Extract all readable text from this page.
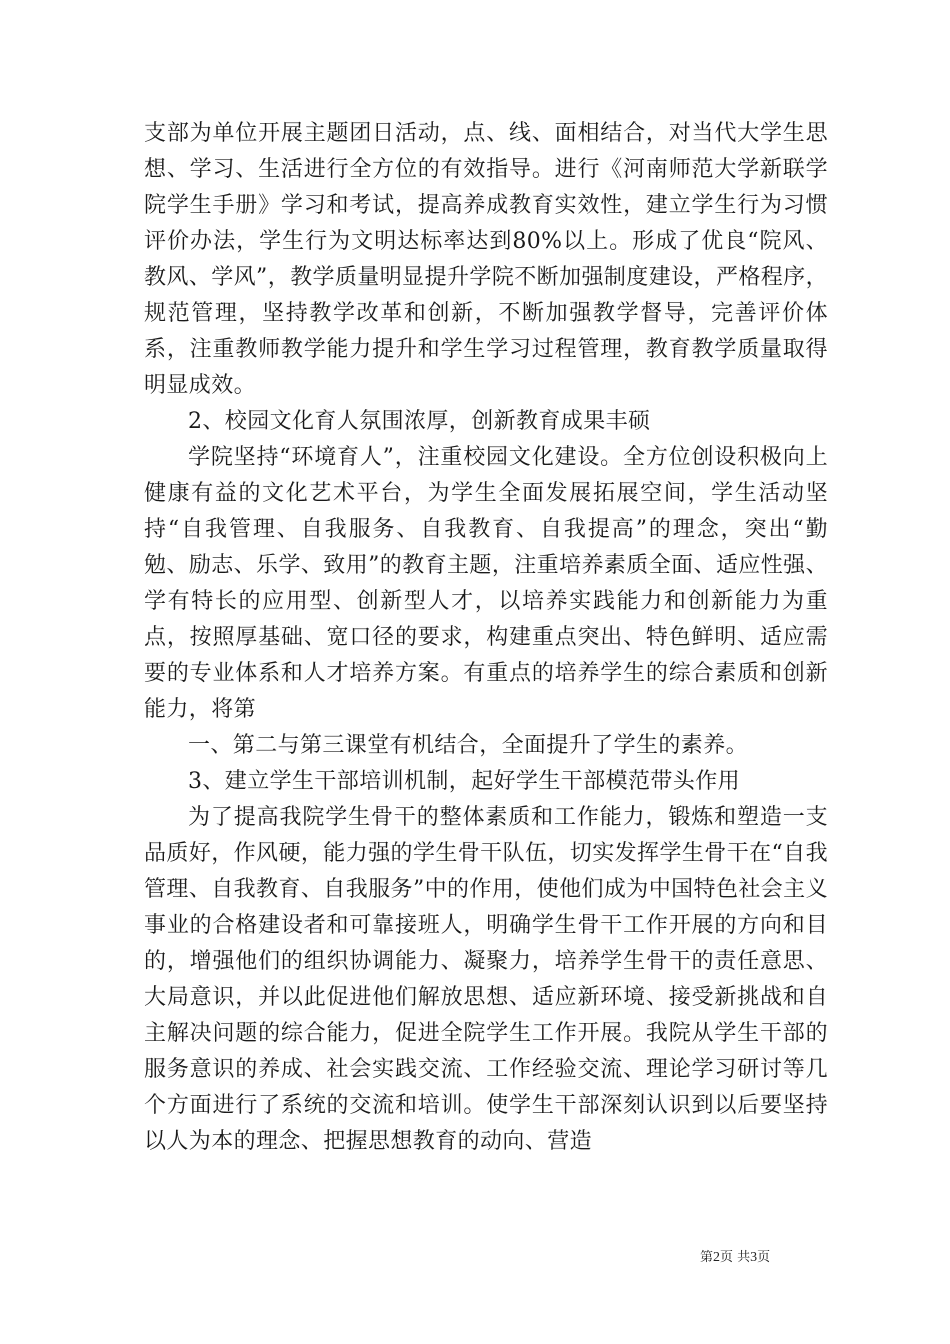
支部为单位开展主题团日活动，点、线、面相结合，对当代大学生思想、学习、生活进行全方位的有效指导。进行《河南师范大学新联学院学生手册》学习和考试，提高养成教育实效性，建立学生行为习惯评价办法，学生行为文明达标率达到80%以上。形成了优良“院风、教风、学风”，教学质量明显提升学院不断加强制度建设，严格程序，规范管理，坚持教学改革和创新，不断加强教学督导，完善评价体系，注重教师教学能力提升和学生学习过程管理，教育教学质量取得明显成效。

2、校园文化育人氛围浓厚，创新教育成果丰硕

学院坚持“环境育人”，注重校园文化建设。全方位创设积极向上健康有益的文化艺术平台，为学生全面发展拓展空间，学生活动坚持“自我管理、自我服务、自我教育、自我提高”的理念，突出“勤勉、励志、乐学、致用”的教育主题，注重培养素质全面、适应性强、学有特长的应用型、创新型人才，以培养实践能力和创新能力为重点，按照厚基础、宽口径的要求，构建重点突出、特色鲜明、适应需要的专业体系和人才培养方案。有重点的培养学生的综合素质和创新能力，将第

一、第二与第三课堂有机结合，全面提升了学生的素养。

3、建立学生干部培训机制，起好学生干部模范带头作用

为了提高我院学生骨干的整体素质和工作能力，锻炼和塑造一支品质好，作风硬，能力强的学生骨干队伍，切实发挥学生骨干在“自我管理、自我教育、自我服务”中的作用，使他们成为中国特色社会主义事业的合格建设者和可靠接班人，明确学生骨干工作开展的方向和目的，增强他们的组织协调能力、凝聚力，培养学生骨干的责任意思、大局意识，并以此促进他们解放思想、适应新环境、接受新挑战和自主解决问题的综合能力，促进全院学生工作开展。我院从学生干部的服务意识的养成、社会实践交流、工作经验交流、理论学习研讨等几个方面进行了系统的交流和培训。使学生干部深刻认识到以后要坚持以人为本的理念、把握思想教育的动向、营造

第2页 共3页
